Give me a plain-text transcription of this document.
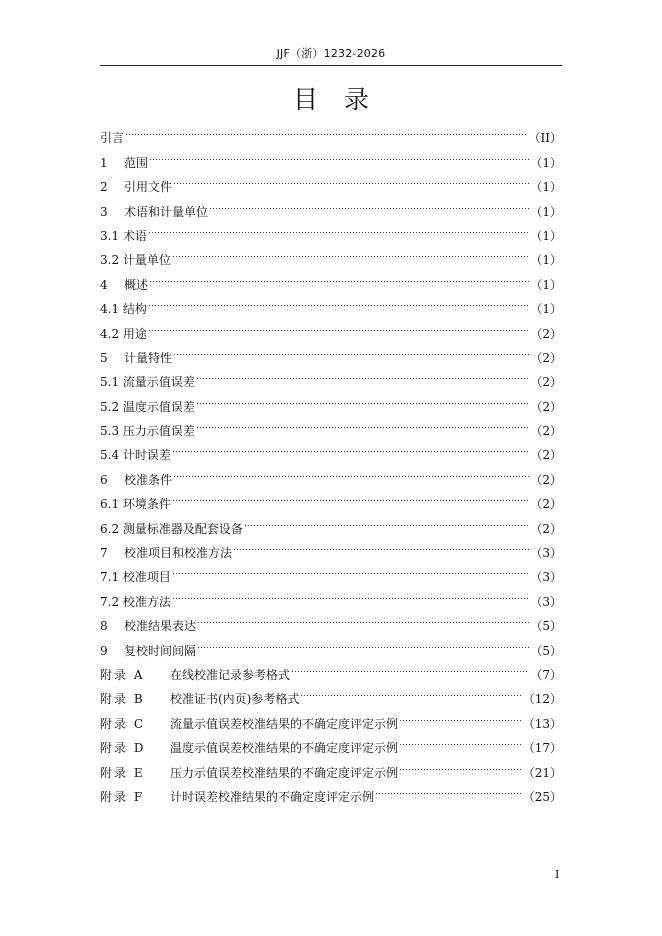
JJF（浙）1232-2026
目录
引言	（II）
1	范围	（1）
2	引用文件	（1）
3	术语和计量单位	（1）
3.1 术语	（1）
3.2 计量单位	（1）
4	概述	（1）
4.1 结构	（1）
4.2 用途	（2）
5	计量特性	（2）
5.1 流量示值误差	（2）
5.2 温度示值误差	（2）
5.3 压力示值误差	（2）
5.4 计时误差	（2）
6	校准条件	（2）
6.1 环境条件	（2）
6.2 测量标准器及配套设备	（2）
7	校准项目和校准方法	（3）
7.1 校准项目	（3）
7.2 校准方法	（3）
8	校准结果表达	（5）
9	复校时间间隔	（5）
附录 A	在线校准记录参考格式	（7）
附录 B	校准证书(内页)参考格式	（12）
附录 C	流量示值误差校准结果的不确定度评定示例	（13）
附录 D	温度示值误差校准结果的不确定度评定示例	（17）
附录 E	压力示值误差校准结果的不确定度评定示例	（21）
附录 F	计时误差校准结果的不确定度评定示例	（25）
I
